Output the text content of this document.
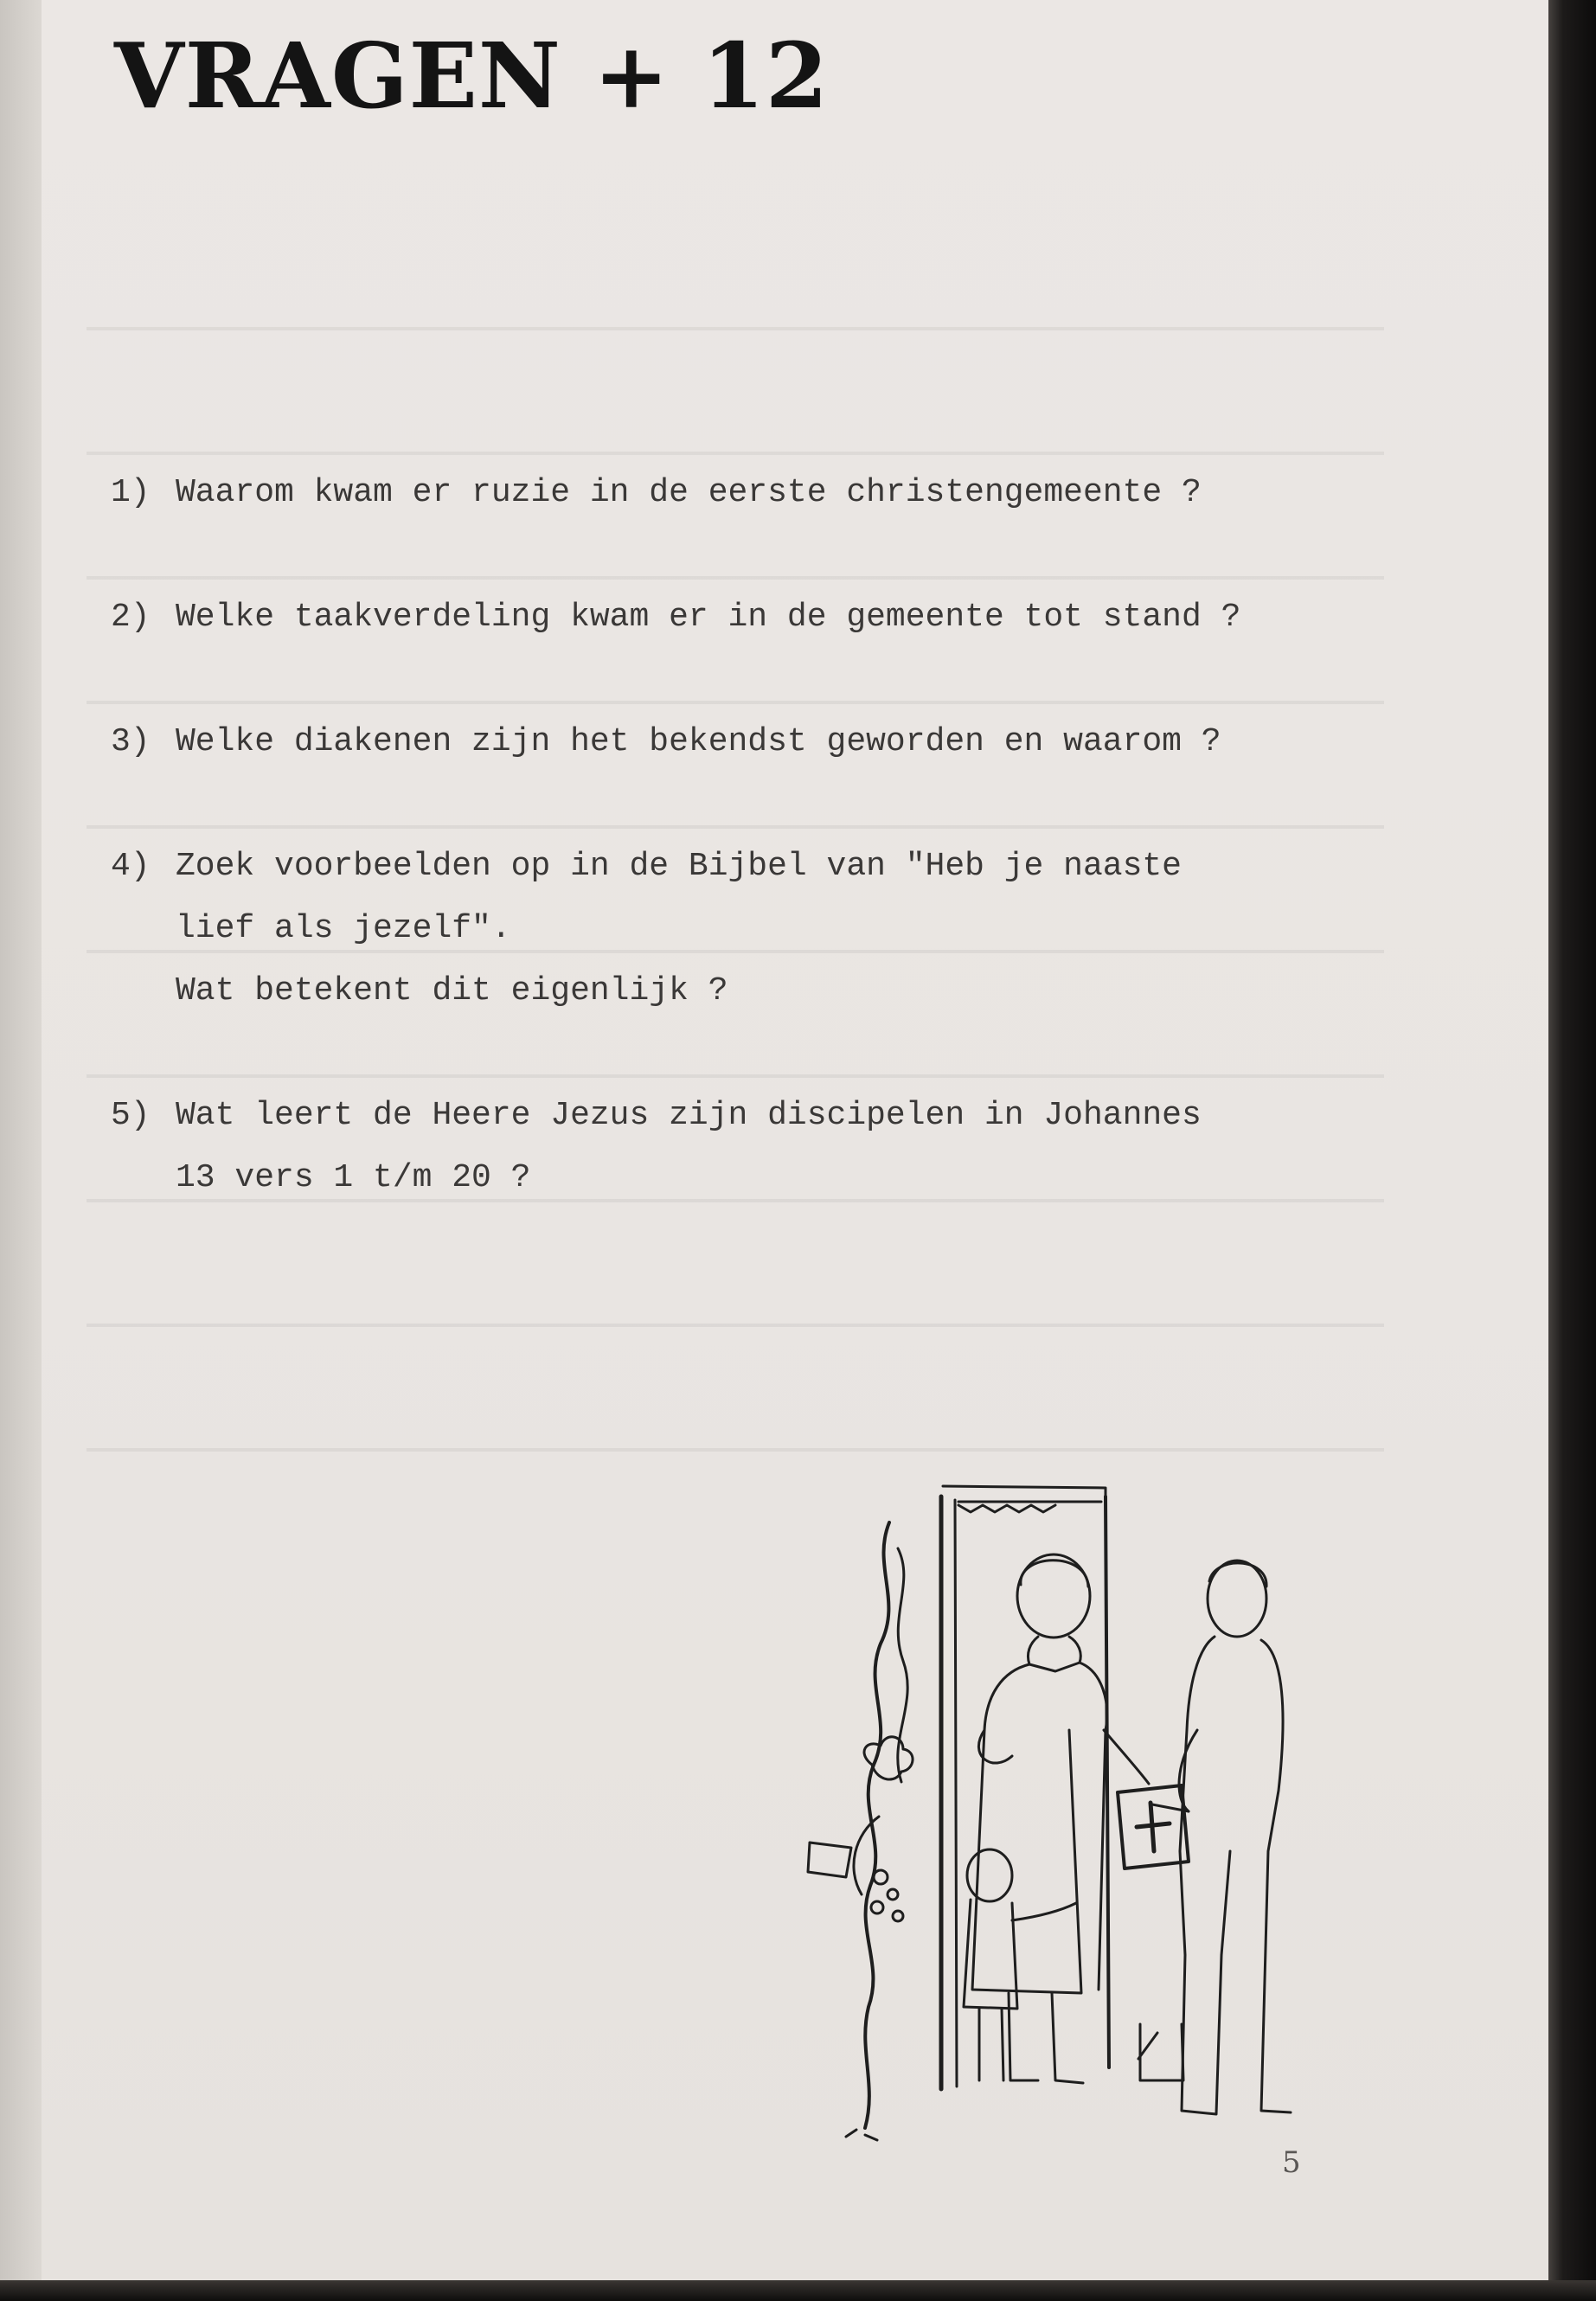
VRAGEN + 12
1) Waarom kwam er ruzie in de eerste christengemeente ?
2) Welke taakverdeling kwam er in de gemeente tot stand ?
3) Welke diakenen zijn het bekendst geworden en waarom ?
4) Zoek voorbeelden op in de Bijbel van "Heb je naaste
lief als jezelf".
Wat betekent dit eigenlijk ?
5) Wat leert de Heere Jezus zijn discipelen in Johannes
13 vers 1 t/m 20 ?
5
